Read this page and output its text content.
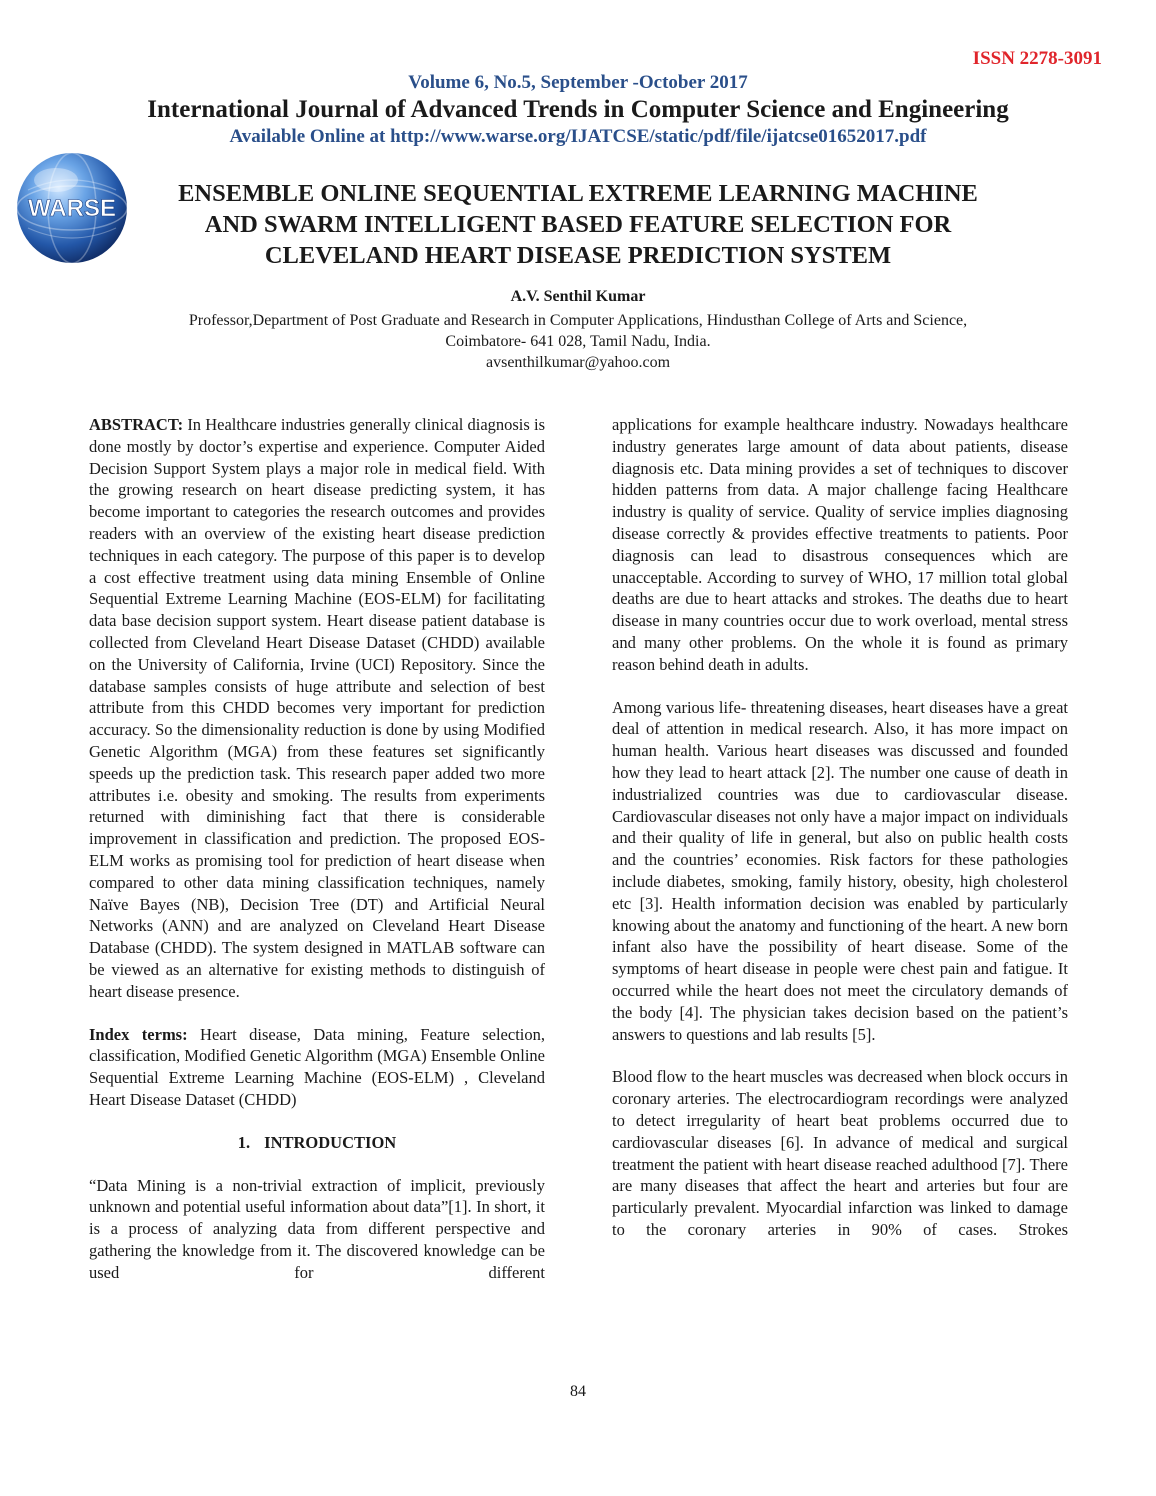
ISSN 2278-3091
Volume 6, No.5, September -October 2017
International Journal of Advanced Trends in Computer Science and Engineering
Available Online at http://www.warse.org/IJATCSE/static/pdf/file/ijatcse01652017.pdf
WARSE
ENSEMBLE ONLINE SEQUENTIAL EXTREME LEARNING MACHINE
AND SWARM INTELLIGENT BASED FEATURE SELECTION FOR
CLEVELAND HEART DISEASE PREDICTION SYSTEM
A.V. Senthil Kumar
Professor,Department of Post Graduate and Research in Computer Applications, Hindusthan College of Arts and Science,
Coimbatore- 641 028, Tamil Nadu, India.
avsenthilkumar@yahoo.com

ABSTRACT: In Healthcare industries generally clinical diagnosis is done mostly by doctor’s expertise and experience. Computer Aided Decision Support System plays a major role in medical field. With the growing research on heart disease predicting system, it has become important to categories the research outcomes and provides readers with an overview of the existing heart disease prediction techniques in each category. The purpose of this paper is to develop a cost effective treatment using data mining Ensemble of Online Sequential Extreme Learning Machine (EOS-ELM) for facilitating data base decision support system. Heart disease patient database is collected from Cleveland Heart Disease Dataset (CHDD) available on the University of California, Irvine (UCI) Repository. Since the database samples consists of huge attribute and selection of best attribute from this CHDD becomes very important for prediction accuracy. So the dimensionality reduction is done by using Modified Genetic Algorithm (MGA) from these features set significantly speeds up the prediction task. This research paper added two more attributes i.e. obesity and smoking. The results from experiments returned with diminishing fact that there is considerable improvement in classification and prediction. The proposed EOS-ELM works as promising tool for prediction of heart disease when compared to other data mining classification techniques, namely Naïve Bayes (NB), Decision Tree (DT) and Artificial Neural Networks (ANN) and are analyzed on Cleveland Heart Disease Database (CHDD). The system designed in MATLAB software can be viewed as an alternative for existing methods to distinguish of heart disease presence.

Index terms: Heart disease, Data mining, Feature selection, classification, Modified Genetic Algorithm (MGA) Ensemble Online Sequential Extreme Learning Machine (EOS-ELM) , Cleveland Heart Disease Dataset (CHDD)

1. INTRODUCTION

“Data Mining is a non-trivial extraction of implicit, previously unknown and potential useful information about data”[1]. In short, it is a process of analyzing data from different perspective and gathering the knowledge from it. The discovered knowledge can be used for different

applications for example healthcare industry. Nowadays healthcare industry generates large amount of data about patients, disease diagnosis etc. Data mining provides a set of techniques to discover hidden patterns from data. A major challenge facing Healthcare industry is quality of service. Quality of service implies diagnosing disease correctly & provides effective treatments to patients. Poor diagnosis can lead to disastrous consequences which are unacceptable. According to survey of WHO, 17 million total global deaths are due to heart attacks and strokes. The deaths due to heart disease in many countries occur due to work overload, mental stress and many other problems. On the whole it is found as primary reason behind death in adults.

Among various life- threatening diseases, heart diseases have a great deal of attention in medical research. Also, it has more impact on human health. Various heart diseases was discussed and founded how they lead to heart attack [2]. The number one cause of death in industrialized countries was due to cardiovascular disease. Cardiovascular diseases not only have a major impact on individuals and their quality of life in general, but also on public health costs and the countries’ economies. Risk factors for these pathologies include diabetes, smoking, family history, obesity, high cholesterol etc [3]. Health information decision was enabled by particularly knowing about the anatomy and functioning of the heart. A new born infant also have the possibility of heart disease. Some of the symptoms of heart disease in people were chest pain and fatigue. It occurred while the heart does not meet the circulatory demands of the body [4]. The physician takes decision based on the patient’s answers to questions and lab results [5].

Blood flow to the heart muscles was decreased when block occurs in coronary arteries. The electrocardiogram recordings were analyzed to detect irregularity of heart beat problems occurred due to cardiovascular diseases [6]. In advance of medical and surgical treatment the patient with heart disease reached adulthood [7]. There are many diseases that affect the heart and arteries but four are particularly prevalent. Myocardial infarction was linked to damage to the coronary arteries in 90% of cases. Strokes

84
